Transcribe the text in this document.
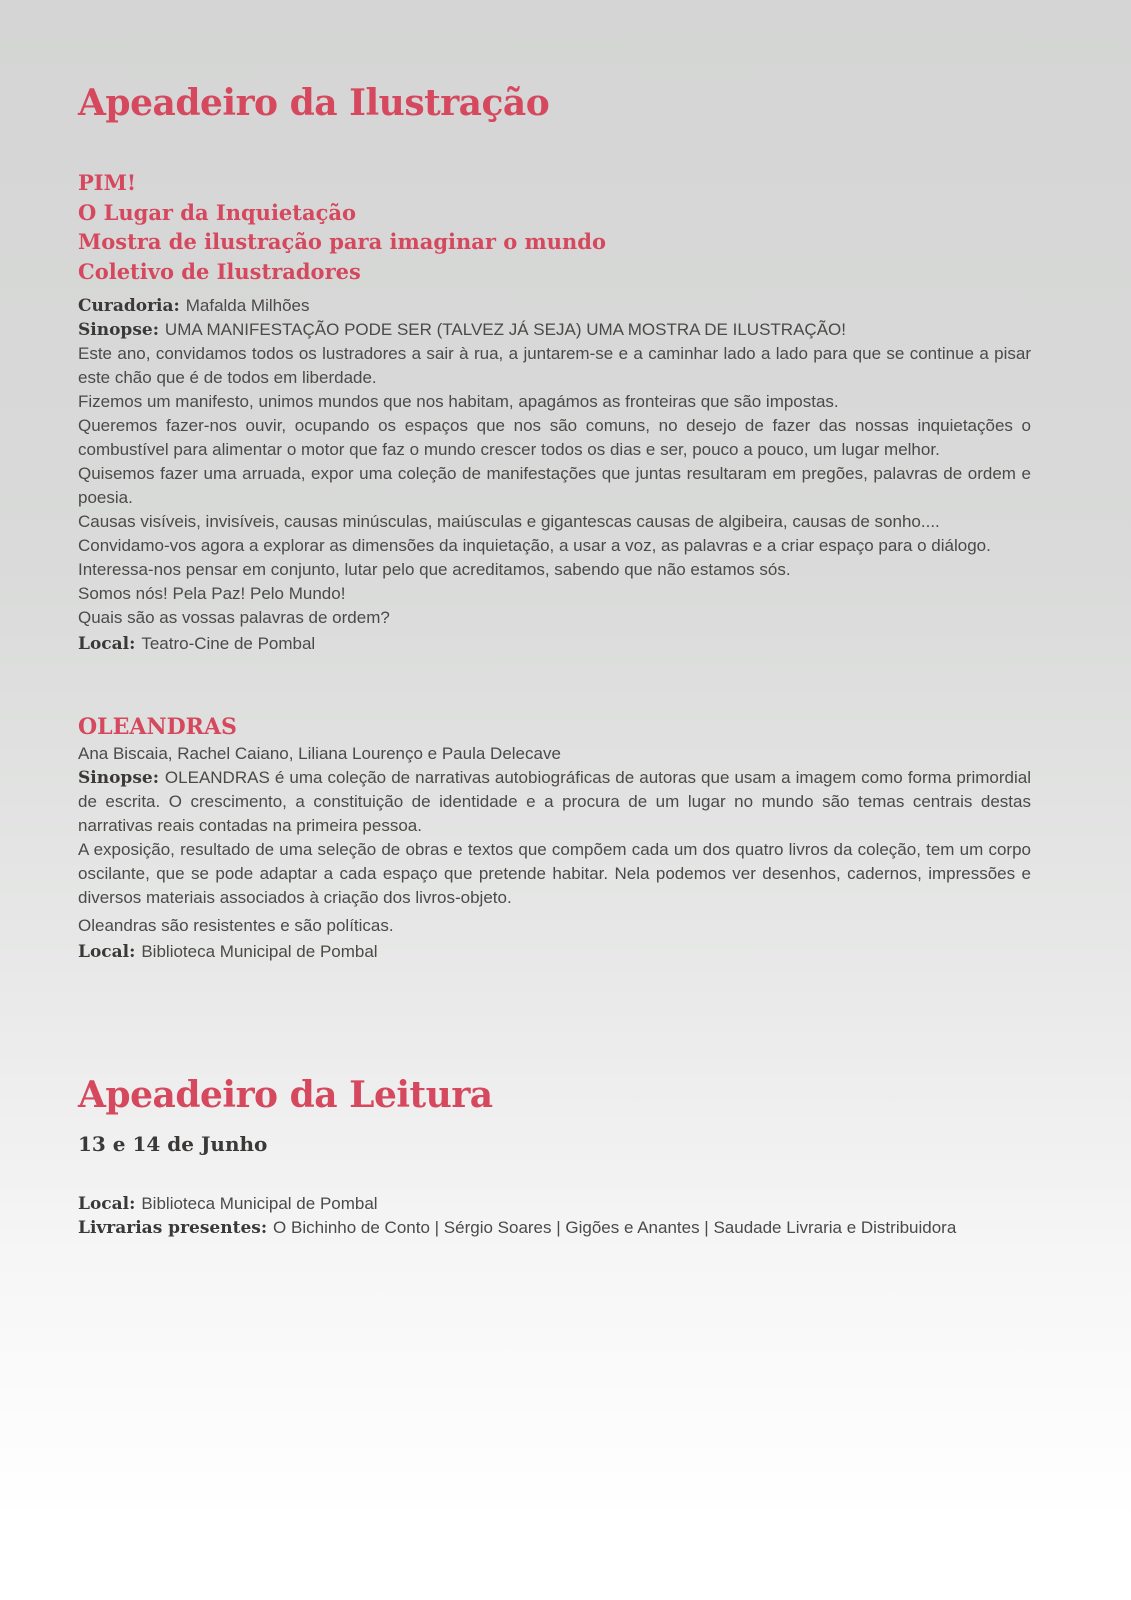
Apeadeiro da Ilustração
PIM!
O Lugar da Inquietação
Mostra de ilustração para imaginar o mundo
Coletivo de Ilustradores
Curadoria: Mafalda Milhões

Sinopse: UMA MANIFESTAÇÃO PODE SER (TALVEZ JÁ SEJA) UMA MOSTRA DE ILUSTRAÇÃO!

Este ano, convidamos todos os lustradores a sair à rua, a juntarem-se e a caminhar lado a lado para que se continue a pisar este chão que é de todos em liberdade.

Fizemos um manifesto, unimos mundos que nos habitam, apagámos as fronteiras que são impostas.

Queremos fazer-nos ouvir, ocupando os espaços que nos são comuns, no desejo de fazer das nossas inquietações o combustível para alimentar o motor que faz o mundo crescer todos os dias e ser, pouco a pouco, um lugar melhor.

Quisemos fazer uma arruada, expor uma coleção de manifestações que juntas resultaram em pregões, palavras de ordem e poesia.

Causas visíveis, invisíveis, causas minúsculas, maiúsculas e gigantescas causas de algibeira, causas de sonho....

Convidamo-vos agora a explorar as dimensões da inquietação, a usar a voz, as palavras e a criar espaço para o diálogo.

Interessa-nos pensar em conjunto, lutar pelo que acreditamos, sabendo que não estamos sós.

Somos nós! Pela Paz! Pelo Mundo!

Quais são as vossas palavras de ordem?

Local: Teatro-Cine de Pombal
OLEANDRAS
Ana Biscaia, Rachel Caiano, Liliana Lourenço e Paula Delecave

Sinopse: OLEANDRAS é uma coleção de narrativas autobiográficas de autoras que usam a imagem como forma primordial de escrita. O crescimento, a constituição de identidade e a procura de um lugar no mundo são temas centrais destas narrativas reais contadas na primeira pessoa.

A exposição, resultado de uma seleção de obras e textos que compõem cada um dos quatro livros da coleção, tem um corpo oscilante, que se pode adaptar a cada espaço que pretende habitar. Nela podemos ver desenhos, cadernos, impressões e diversos materiais associados à criação dos livros-objeto.

Oleandras são resistentes e são políticas.

Local: Biblioteca Municipal de Pombal
Apeadeiro da Leitura
13 e 14 de Junho
Local: Biblioteca Municipal de Pombal
Livrarias presentes: O Bichinho de Conto | Sérgio Soares | Gigões e Anantes | Saudade Livraria e Distribuidora
